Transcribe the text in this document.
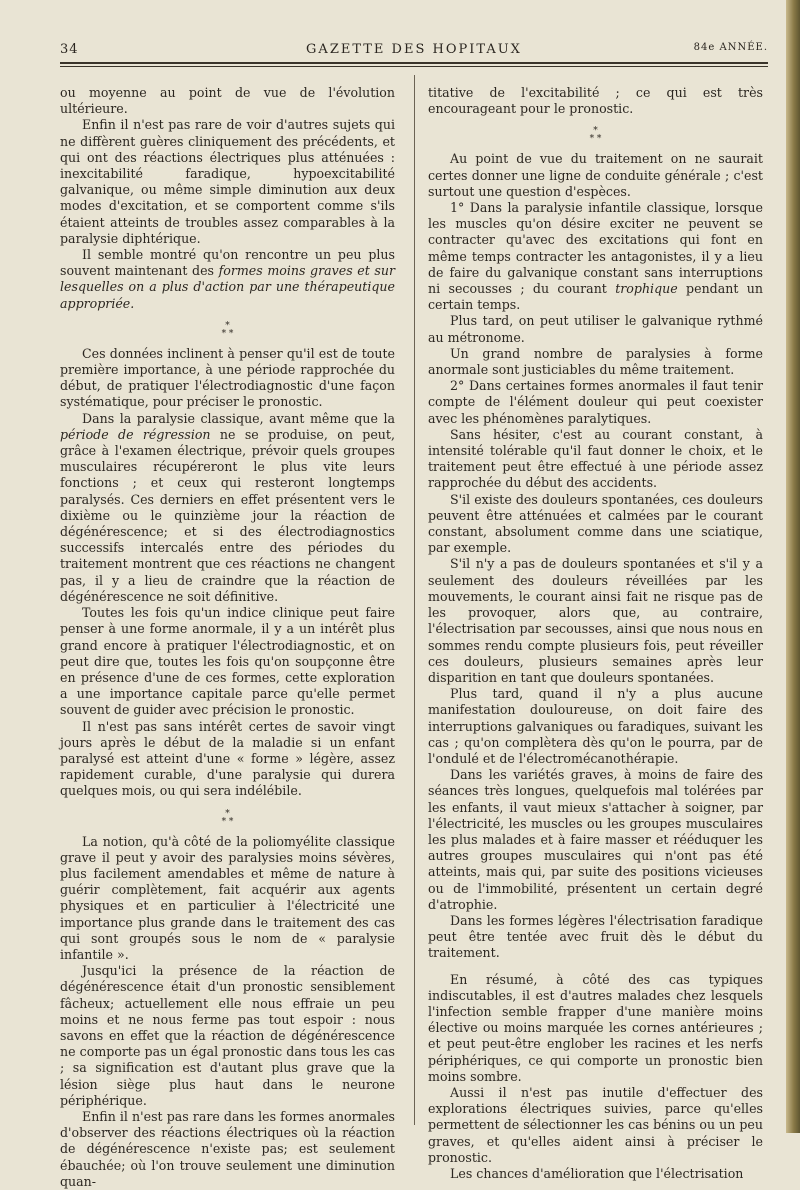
34	GAZETTE DES HOPITAUX	84e ANNÉE.

ou moyenne au point de vue de l'évolution ultérieure.

Enfin il n'est pas rare de voir d'autres sujets qui ne diffèrent guères cliniquement des précédents, et qui ont des réactions électriques plus atténuées : inexcitabilité faradique, hypoexcitabilité galvanique, ou même simple diminution aux deux modes d'excitation, et se comportent comme s'ils étaient atteints de troubles assez comparables à la paralysie diphtérique.

Il semble montré qu'on rencontre un peu plus souvent maintenant des formes moins graves et sur lesquelles on a plus d'action par une thérapeutique appropriée.

*
* *

Ces données inclinent à penser qu'il est de toute première importance, à une période rapprochée du début, de pratiquer l'électrodiagnostic d'une façon systématique, pour préciser le pronostic.

Dans la paralysie classique, avant même que la période de régression ne se produise, on peut, grâce à l'examen électrique, prévoir quels groupes musculaires récupéreront le plus vite leurs fonctions ; et ceux qui resteront longtemps paralysés. Ces derniers en effet présentent vers le dixième ou le quinzième jour la réaction de dégénérescence; et si des électrodiagnostics successifs intercalés entre des périodes du traitement montrent que ces réactions ne changent pas, il y a lieu de craindre que la réaction de dégénérescence ne soit définitive.

Toutes les fois qu'un indice clinique peut faire penser à une forme anormale, il y a un intérêt plus grand encore à pratiquer l'électrodiagnostic, et on peut dire que, toutes les fois qu'on soupçonne être en présence d'une de ces formes, cette exploration a une importance capitale parce qu'elle permet souvent de guider avec précision le pronostic.

Il n'est pas sans intérêt certes de savoir vingt jours après le début de la maladie si un enfant paralysé est atteint d'une « forme » légère, assez rapidement curable, d'une paralysie qui durera quelques mois, ou qui sera indélébile.

*
* *

La notion, qu'à côté de la poliomyélite classique grave il peut y avoir des paralysies moins sévères, plus facilement amendables et même de nature à guérir complètement, fait acquérir aux agents physiques et en particulier à l'électricité une importance plus grande dans le traitement des cas qui sont groupés sous le nom de « paralysie infantile ».

Jusqu'ici la présence de la réaction de dégénérescence était d'un pronostic sensiblement fâcheux; actuellement elle nous effraie un peu moins et ne nous ferme pas tout espoir : nous savons en effet que la réaction de dégénérescence ne comporte pas un égal pronostic dans tous les cas ; sa signification est d'autant plus grave que la lésion siège plus haut dans le neurone périphérique.

Enfin il n'est pas rare dans les formes anormales d'observer des réactions électriques où la réaction de dégénérescence n'existe pas; est seulement ébauchée; où l'on trouve seulement une diminution quan-

titative de l'excitabilité ; ce qui est très encourageant pour le pronostic.

*
* *

Au point de vue du traitement on ne saurait certes donner une ligne de conduite générale ; c'est surtout une question d'espèces.

1° Dans la paralysie infantile classique, lorsque les muscles qu'on désire exciter ne peuvent se contracter qu'avec des excitations qui font en même temps contracter les antagonistes, il y a lieu de faire du galvanique constant sans interruptions ni secousses ; du courant trophique pendant un certain temps.

Plus tard, on peut utiliser le galvanique rythmé au métronome.

Un grand nombre de paralysies à forme anormale sont justiciables du même traitement.

2° Dans certaines formes anormales il faut tenir compte de l'élément douleur qui peut coexister avec les phénomènes paralytiques.

Sans hésiter, c'est au courant constant, à intensité tolérable qu'il faut donner le choix, et le traitement peut être effectué à une période assez rapprochée du début des accidents.

S'il existe des douleurs spontanées, ces douleurs peuvent être atténuées et calmées par le courant constant, absolument comme dans une sciatique, par exemple.

S'il n'y a pas de douleurs spontanées et s'il y a seulement des douleurs réveillées par les mouvements, le courant ainsi fait ne risque pas de les provoquer, alors que, au contraire, l'électrisation par secousses, ainsi que nous nous en sommes rendu compte plusieurs fois, peut réveiller ces douleurs, plusieurs semaines après leur disparition en tant que douleurs spontanées.

Plus tard, quand il n'y a plus aucune manifestation douloureuse, on doit faire des interruptions galvaniques ou faradiques, suivant les cas ; qu'on complètera dès qu'on le pourra, par de l'ondulé et de l'électromécanothérapie.

Dans les variétés graves, à moins de faire des séances très longues, quelquefois mal tolérées par les enfants, il vaut mieux s'attacher à soigner, par l'électricité, les muscles ou les groupes musculaires les plus malades et à faire masser et rééduquer les autres groupes musculaires qui n'ont pas été atteints, mais qui, par suite des positions vicieuses ou de l'immobilité, présentent un certain degré d'atrophie.

Dans les formes légères l'électrisation faradique peut être tentée avec fruit dès le début du traitement.

En résumé, à côté des cas typiques indiscutables, il est d'autres malades chez lesquels l'infection semble frapper d'une manière moins élective ou moins marquée les cornes antérieures ; et peut peut-être englober les racines et les nerfs périphériques, ce qui comporte un pronostic bien moins sombre.

Aussi il n'est pas inutile d'effectuer des explorations électriques suivies, parce qu'elles permettent de sélectionner les cas bénins ou un peu graves, et qu'elles aident ainsi à préciser le pronostic.

Les chances d'amélioration que l'électrisation
